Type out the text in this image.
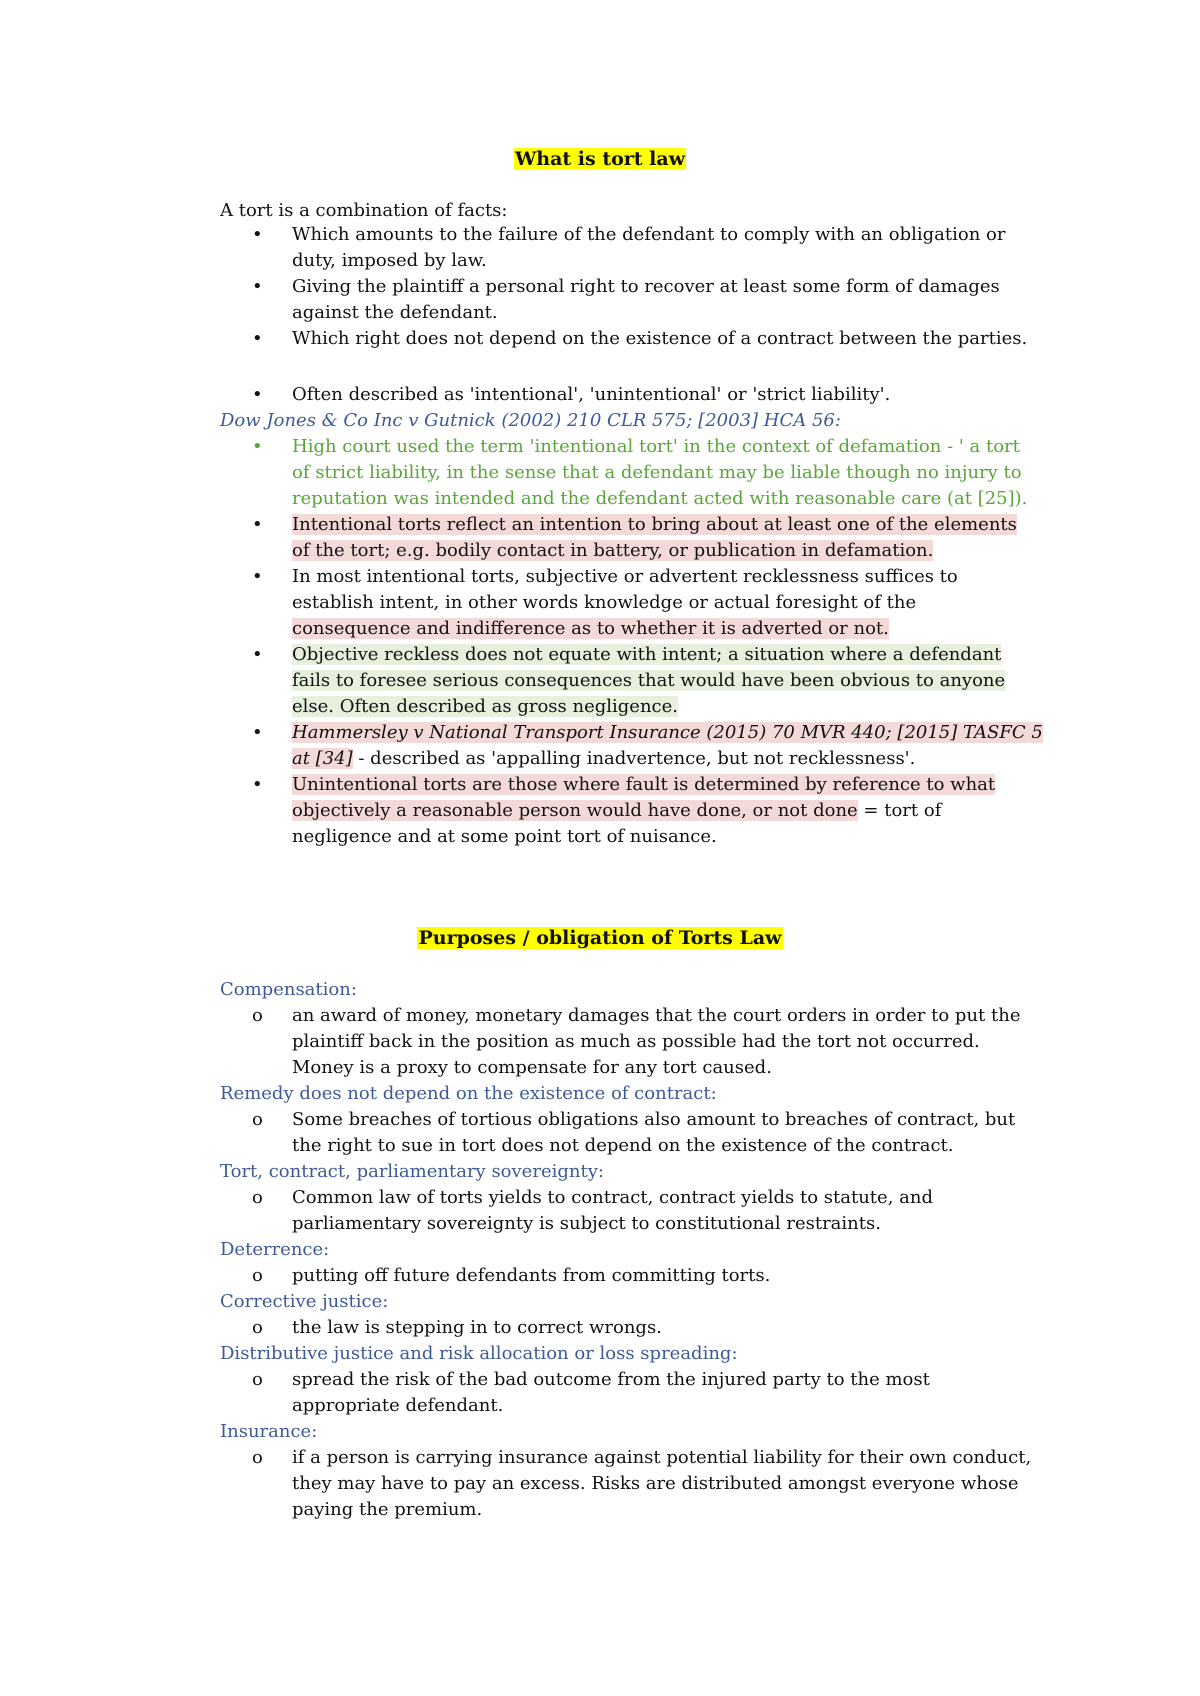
What is tort law
A tort is a combination of facts:
• Which amounts to the failure of the defendant to comply with an obligation or
duty, imposed by law.
• Giving the plaintiff a personal right to recover at least some form of damages
against the defendant.
• Which right does not depend on the existence of a contract between the parties.
• Often described as 'intentional', 'unintentional' or 'strict liability'.
Dow Jones & Co Inc v Gutnick (2002) 210 CLR 575; [2003] HCA 56:
• High court used the term 'intentional tort' in the context of defamation - ' a tort
of strict liability, in the sense that a defendant may be liable though no injury to
reputation was intended and the defendant acted with reasonable care (at [25]).
• Intentional torts reflect an intention to bring about at least one of the elements
of the tort; e.g. bodily contact in battery, or publication in defamation.
• In most intentional torts, subjective or advertent recklessness suffices to
establish intent, in other words knowledge or actual foresight of the
consequence and indifference as to whether it is adverted or not.
• Objective reckless does not equate with intent; a situation where a defendant
fails to foresee serious consequences that would have been obvious to anyone
else. Often described as gross negligence.
• Hammersley v National Transport Insurance (2015) 70 MVR 440; [2015] TASFC 5
at [34] - described as 'appalling inadvertence, but not recklessness'.
• Unintentional torts are those where fault is determined by reference to what
objectively a reasonable person would have done, or not done = tort of
negligence and at some point tort of nuisance.
Purposes / obligation of Torts Law
Compensation:
o an award of money, monetary damages that the court orders in order to put the
plaintiff back in the position as much as possible had the tort not occurred.
Money is a proxy to compensate for any tort caused.
Remedy does not depend on the existence of contract:
o Some breaches of tortious obligations also amount to breaches of contract, but
the right to sue in tort does not depend on the existence of the contract.
Tort, contract, parliamentary sovereignty:
o Common law of torts yields to contract, contract yields to statute, and
parliamentary sovereignty is subject to constitutional restraints.
Deterrence:
o putting off future defendants from committing torts.
Corrective justice:
o the law is stepping in to correct wrongs.
Distributive justice and risk allocation or loss spreading:
o spread the risk of the bad outcome from the injured party to the most
appropriate defendant.
Insurance:
o if a person is carrying insurance against potential liability for their own conduct,
they may have to pay an excess. Risks are distributed amongst everyone whose
paying the premium.
